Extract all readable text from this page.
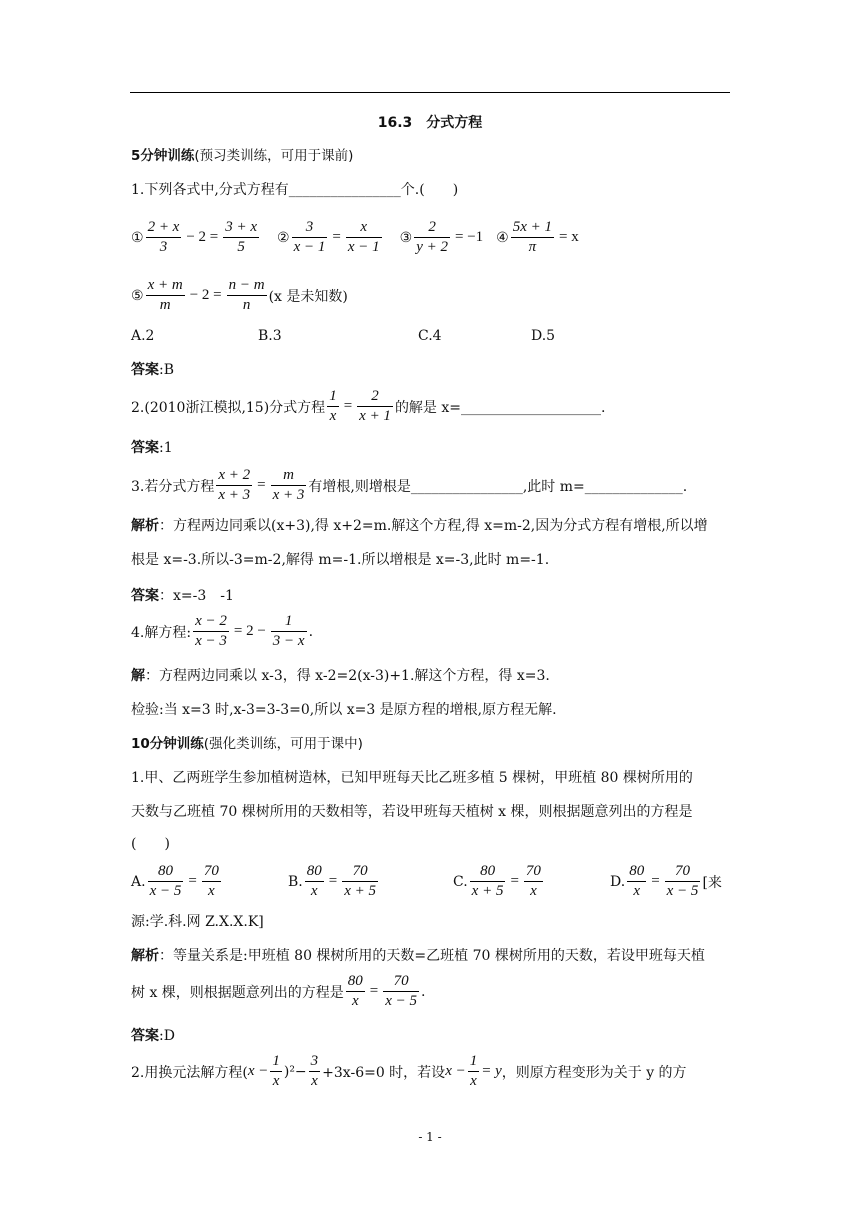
16.3　分式方程
5分钟训练(预习类训练，可用于课前)
1.下列各式中,分式方程有________________个.(　　)
① $\frac{2 + x}{3} - 2 = \frac{3 + x}{5}$ ② $\frac{3}{x - 1} = \frac{x}{x - 1}$ ③ $\frac{2}{y + 2} = -1$ ④ $\frac{5x + 1}{\pi} = x$
⑤ $\frac{x + m}{m} - 2 = \frac{n - m}{n} (x$ 是未知数)
A.2	B.3	C.4	D.5
答案:B
2.(2010浙江模拟,15)分式方程 $\frac{1}{x} = \frac{2}{x + 1}$ 的解是 x=____________________.
答案:1
3.若分式方程 $\frac{x + 2}{x + 3} = \frac{m}{x + 3}$ 有增根,则增根是________________,此时 m=______________.
解析：方程两边同乘以(x+3),得 x+2=m.解这个方程,得 x=m-2,因为分式方程有增根,所以增
根是 x=-3.所以-3=m-2,解得 m=-1.所以增根是 x=-3,此时 m=-1.
答案：x=-3　-1
4.解方程: $\frac{x - 2}{x - 3} = 2 - \frac{1}{3 - x}$ .
解：方程两边同乘以 x-3，得 x-2=2(x-3)+1.解这个方程，得 x=3.
检验:当 x=3 时,x-3=3-3=0,所以 x=3 是原方程的增根,原方程无解.
10分钟训练(强化类训练，可用于课中)
1.甲、乙两班学生参加植树造林，已知甲班每天比乙班多植 5 棵树，甲班植 80 棵树所用的
天数与乙班植 70 棵树所用的天数相等，若设甲班每天植树 x 棵，则根据题意列出的方程是
(　　)
A. $\frac{80}{x - 5} = \frac{70}{x}$	B. $\frac{80}{x} = \frac{70}{x + 5}$	C. $\frac{80}{x + 5} = \frac{70}{x}$	D. $\frac{80}{x} = \frac{70}{x - 5}$ [来
源:学.科.网 Z.X.X.K]
解析：等量关系是:甲班植 80 棵树所用的天数=乙班植 70 棵树所用的天数，若设甲班每天植
树 x 棵，则根据题意列出的方程是 $\frac{80}{x} = \frac{70}{x - 5}$ .
答案:D
2.用换元法解方程( $x - \frac{1}{x} )^2- \frac{3}{x} +3x-6=0$ 时，若设 $x - \frac{1}{x} = y$ ，则原方程变形为关于 y 的方
- 1 -
